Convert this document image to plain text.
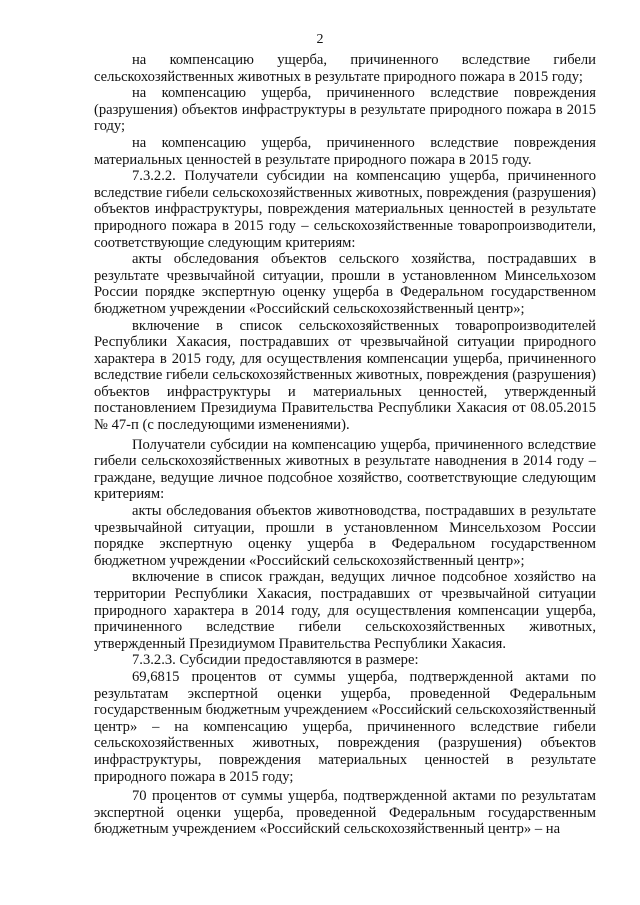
2

на компенсацию ущерба, причиненного вследствие гибели сельскохозяйственных животных в результате природного пожара в 2015 году;

на компенсацию ущерба, причиненного вследствие повреждения (разрушения) объектов инфраструктуры в результате природного пожара в 2015 году;

на компенсацию ущерба, причиненного вследствие повреждения материальных ценностей в результате природного пожара в 2015 году.

7.3.2.2. Получатели субсидии на компенсацию ущерба, причиненного вследствие гибели сельскохозяйственных животных, повреждения (разрушения) объектов инфраструктуры, повреждения материальных ценностей в результате природного пожара в 2015 году – сельскохозяйственные товаропроизводители, соответствующие следующим критериям:

акты обследования объектов сельского хозяйства, пострадавших в результате чрезвычайной ситуации, прошли в установленном Минсельхозом России порядке экспертную оценку ущерба в Федеральном государственном бюджетном учреждении «Российский сельскохозяйственный центр»;

включение в список сельскохозяйственных товаропроизводителей Республики Хакасия, пострадавших от чрезвычайной ситуации природного характера в 2015 году, для осуществления компенсации ущерба, причиненного вследствие гибели сельскохозяйственных животных, повреждения (разрушения) объектов инфраструктуры и материальных ценностей, утвержденный постановлением Президиума Правительства Республики Хакасия от 08.05.2015 № 47-п (с последующими изменениями).

Получатели субсидии на компенсацию ущерба, причиненного вследствие гибели сельскохозяйственных животных в результате наводнения в 2014 году – граждане, ведущие личное подсобное хозяйство, соответствующие следующим критериям:

акты обследования объектов животноводства, пострадавших в результате чрезвычайной ситуации, прошли в установленном Минсельхозом России порядке экспертную оценку ущерба в Федеральном государственном бюджетном учреждении «Российский сельскохозяйственный центр»;

включение в список граждан, ведущих личное подсобное хозяйство на территории Республики Хакасия, пострадавших от чрезвычайной ситуации природного характера в 2014 году, для осуществления компенсации ущерба, причиненного вследствие гибели сельскохозяйственных животных, утвержденный Президиумом Правительства Республики Хакасия.

7.3.2.3. Субсидии предоставляются в размере:

69,6815 процентов от суммы ущерба, подтвержденной актами по результатам экспертной оценки ущерба, проведенной Федеральным государственным бюджетным учреждением «Российский сельскохозяйственный центр» – на компенсацию ущерба, причиненного вследствие гибели сельскохозяйственных животных, повреждения (разрушения) объектов инфраструктуры, повреждения материальных ценностей в результате природного пожара в 2015 году;

70 процентов от суммы ущерба, подтвержденной актами по результатам экспертной оценки ущерба, проведенной Федеральным государственным бюджетным учреждением «Российский сельскохозяйственный центр» – на
